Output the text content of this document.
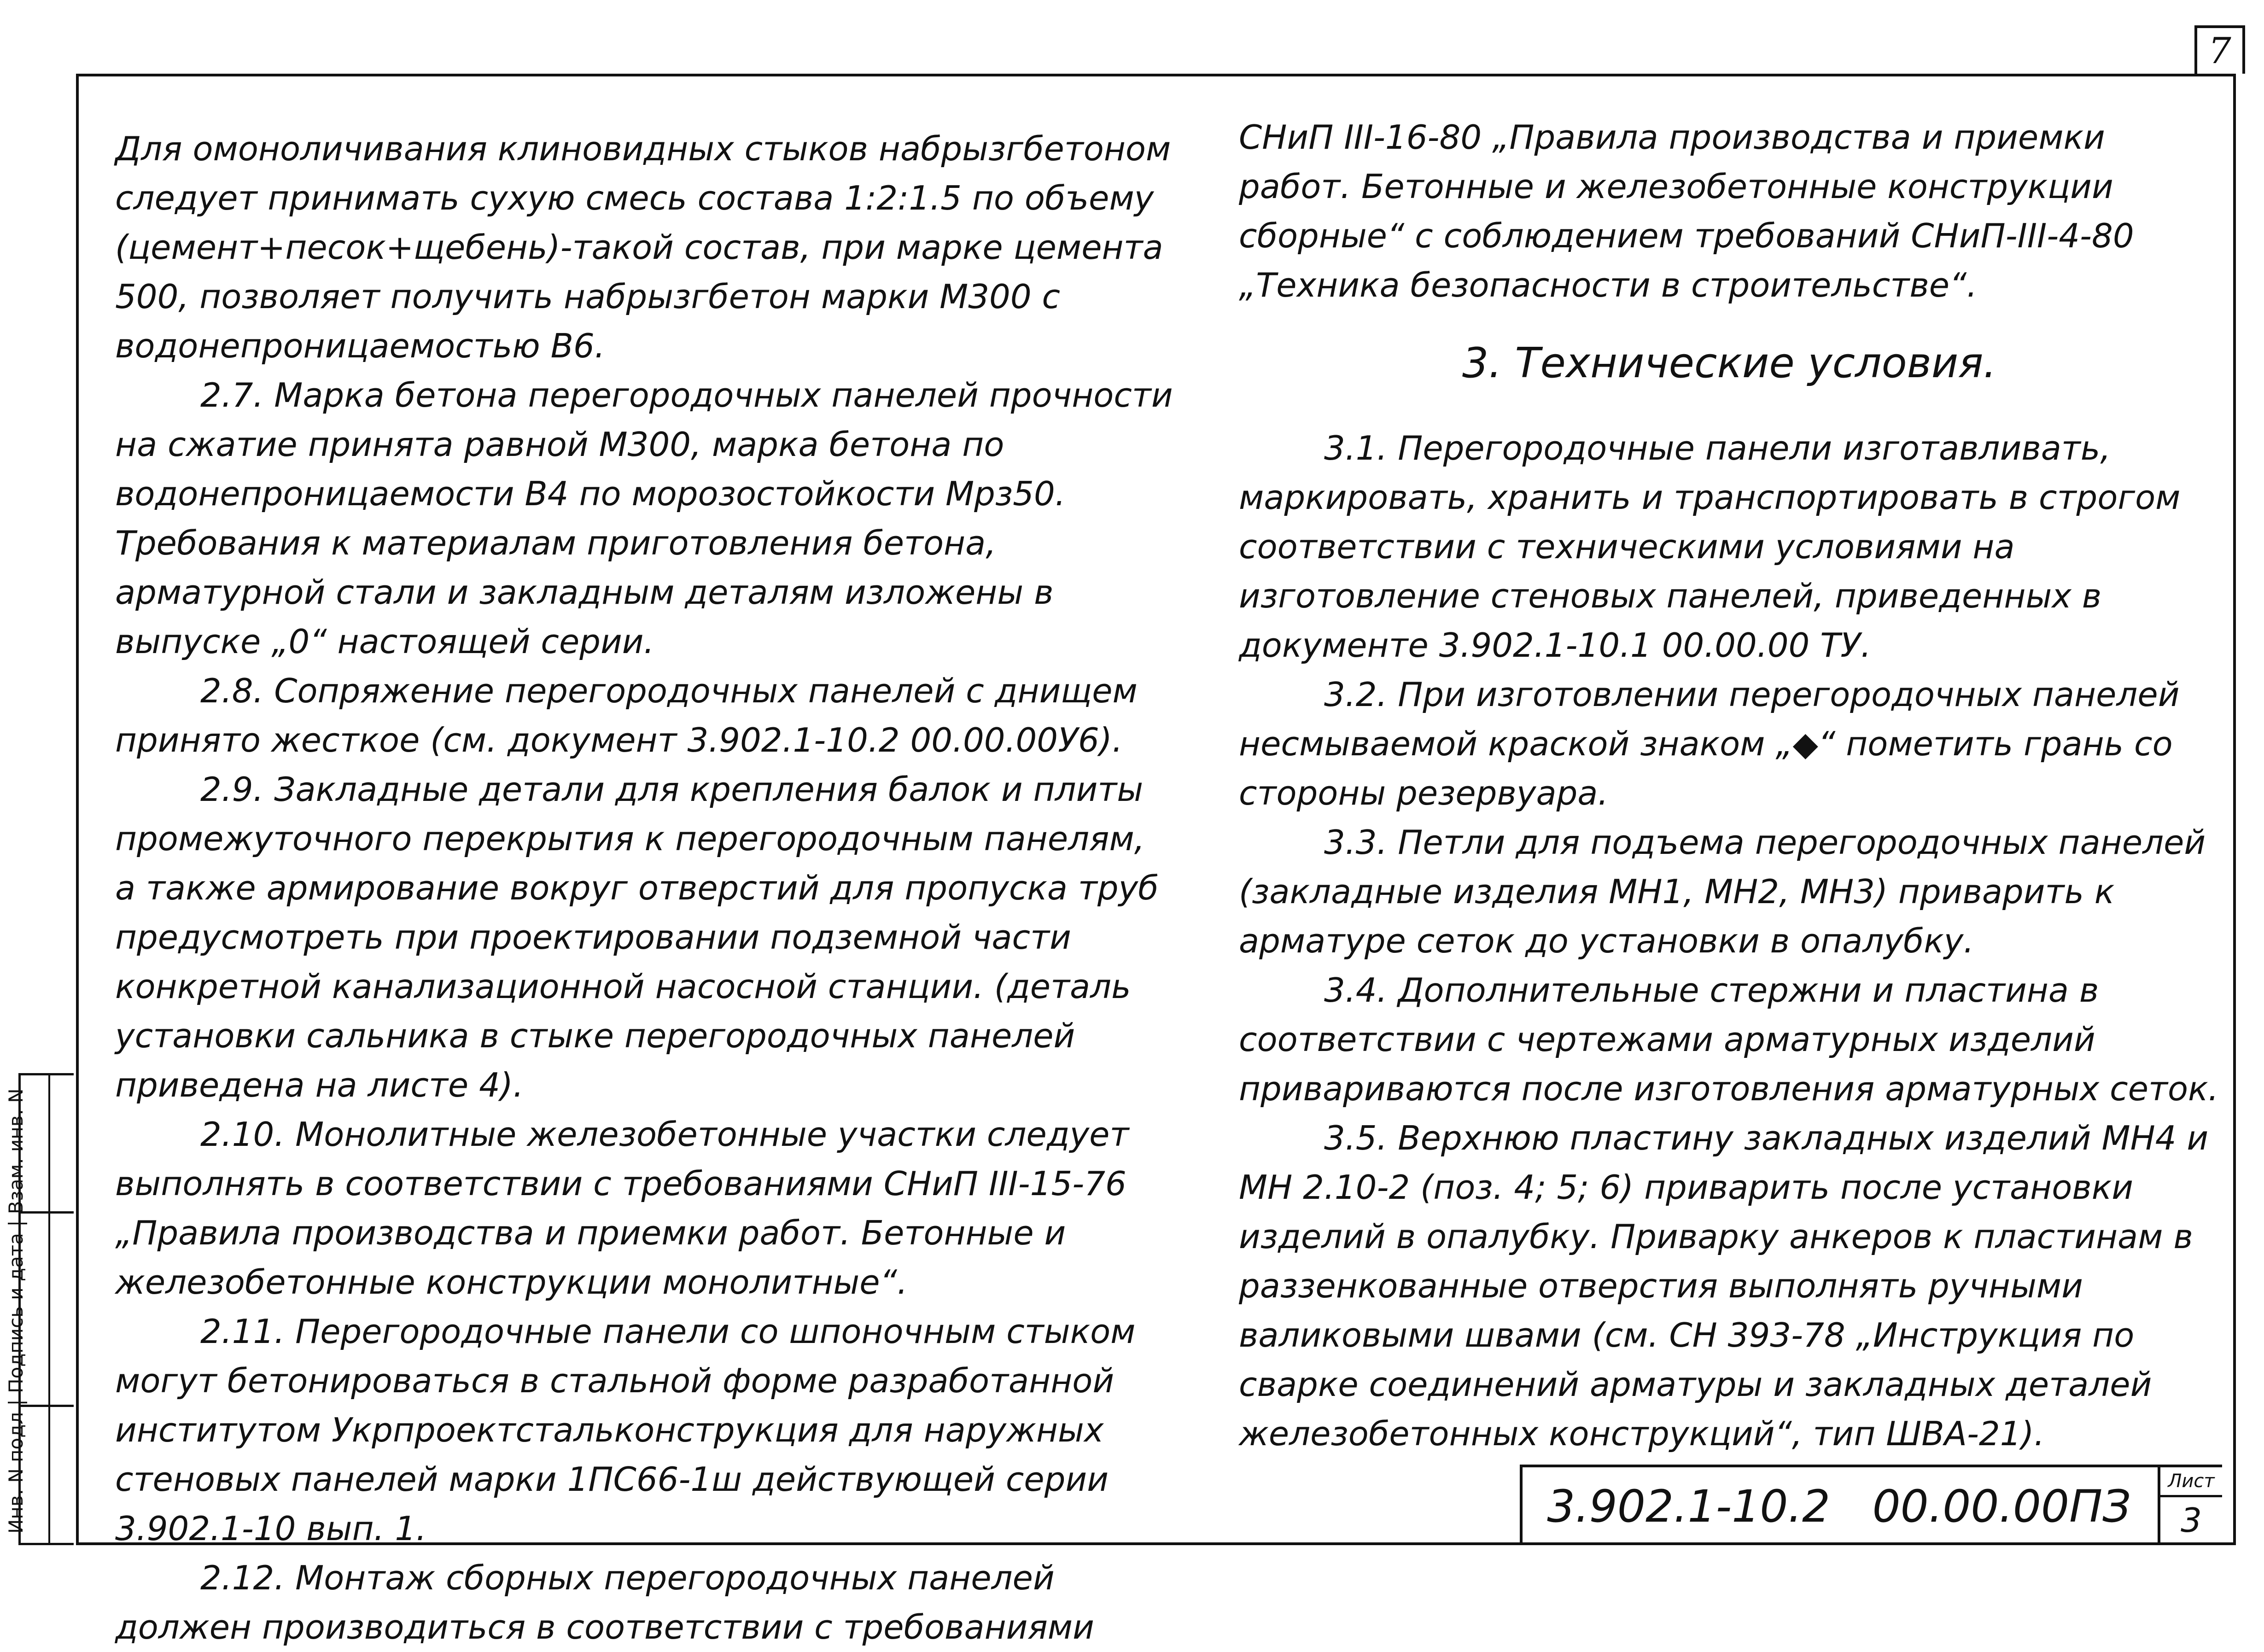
7
Инв. N подл | Подпись и дата | Взам. инв. N

Для омоноличивания клиновидных стыков набрызгбетоном следует принимать сухую смесь состава 1:2:1.5 по объему (цемент+песок+щебень)-такой состав, при марке цемента 500, позволяет получить набрызгбетон марки М300 с водонепроницаемостью В6.

2.7. Марка бетона перегородочных панелей прочности на сжатие принята равной М300, марка бетона по водонепроницаемости В4 по морозостойкости Мрз50. Требования к материалам приготовления бетона, арматурной стали и закладным деталям изложены в выпуске „0“ настоящей серии.

2.8. Сопряжение перегородочных панелей с днищем принято жесткое (см. документ 3.902.1-10.2 00.00.00У6).

2.9. Закладные детали для крепления балок и плиты промежуточного перекрытия к перегородочным панелям, а также армирование вокруг отверстий для пропуска труб предусмотреть при проектировании подземной части конкретной канализационной насосной станции. (деталь установки сальника в стыке перегородочных панелей приведена на листе 4).

2.10. Монолитные железобетонные участки следует выполнять в соответствии с требованиями СНиП III-15-76 „Правила производства и приемки работ. Бетонные и железобетонные конструкции монолитные“.

2.11. Перегородочные панели со шпоночным стыком могут бетонироваться в стальной форме разработанной институтом Укрпроектстальконструкция для наружных стеновых панелей марки 1ПС66-1ш действующей серии 3.902.1-10 вып. 1.

2.12. Монтаж сборных перегородочных панелей должен производиться в соответствии с требованиями

СНиП III-16-80 „Правила производства и приемки работ. Бетонные и железобетонные конструкции сборные“ с соблюдением требований СНиП-III-4-80 „Техника безопасности в строительстве“.

3. Технические условия.

3.1. Перегородочные панели изготавливать, маркировать, хранить и транспортировать в строгом соответствии с техническими условиями на изготовление стеновых панелей, приведенных в документе 3.902.1-10.1 00.00.00 ТУ.

3.2. При изготовлении перегородочных панелей несмываемой краской знаком „◆“ пометить грань со стороны резервуара.

3.3. Петли для подъема перегородочных панелей (закладные изделия МН1, МН2, МН3) приварить к арматуре сеток до установки в опалубку.

3.4. Дополнительные стержни и пластина в соответствии с чертежами арматурных изделий привариваются после изготовления арматурных сеток.

3.5. Верхнюю пластину закладных изделий МН4 и МН 2.10-2 (поз. 4; 5; 6) приварить после установки изделий в опалубку. Приварку анкеров к пластинам в раззенкованные отверстия выполнять ручными валиковыми швами (см. СН 393-78 „Инструкция по сварке соединений арматуры и закладных деталей железобетонных конструкций“, тип ШВА-21).

3.902.1-10.2   00.00.00ПЗ	Лист
3
